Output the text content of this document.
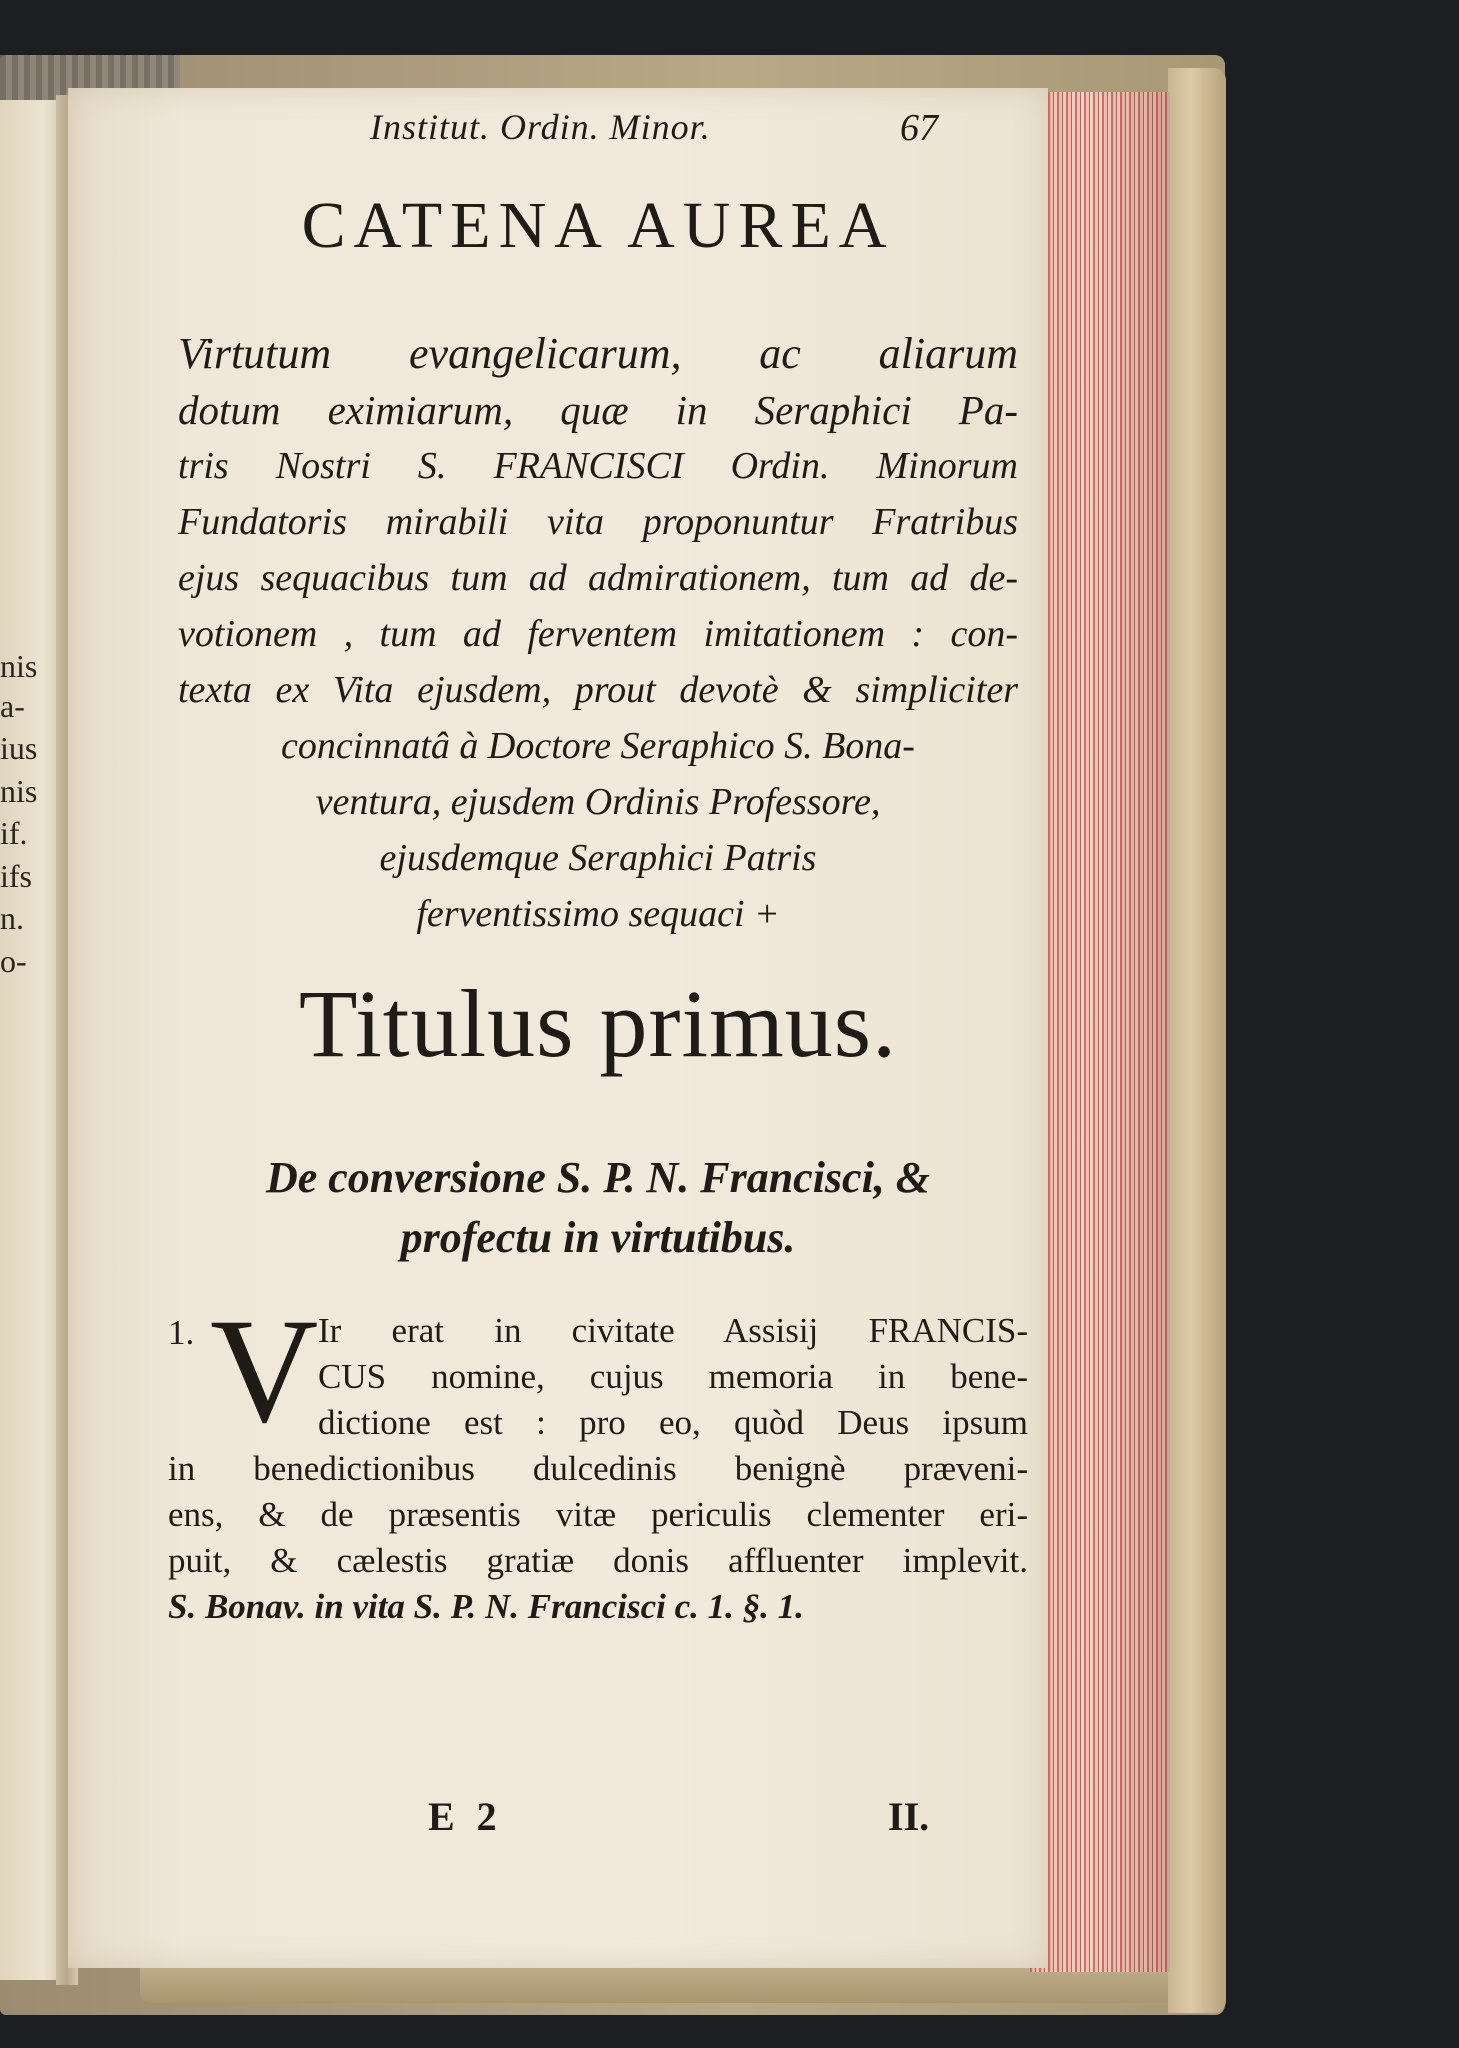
nis
a-
ius
nis
if.
ifs
n.
o-
Institut. Ordin. Minor.	67
CATENA AUREA
Virtutum evangelicarum, ac aliarum
dotum eximiarum, quæ in Seraphici Pa-
tris Nostri S. FRANCISCI Ordin. Minorum
Fundatoris mirabili vita proponuntur Fratribus
ejus sequacibus tum ad admirationem, tum ad de-
votionem , tum ad ferventem imitationem : con-
texta ex Vita ejusdem, prout devotè & simpliciter
concinnatâ à Doctore Seraphico S. Bona-
ventura, ejusdem Ordinis Professore,
ejusdemque Seraphici Patris
ferventissimo sequaci +
Titulus primus.
De conversione S. P. N. Francisci, &
profectu in virtutibus.
1. V Ir erat in civitate Assisij FRANCIS-
CUS nomine, cujus memoria in bene-
dictione est : pro eo, quòd Deus ipsum
in benedictionibus dulcedinis benignè præveni-
ens, & de præsentis vitæ periculis clementer eri-
puit, & cælestis gratiæ donis affluenter implevit.
S. Bonav. in vita S. P. N. Francisci c. 1. §. 1.
E 2	II.
